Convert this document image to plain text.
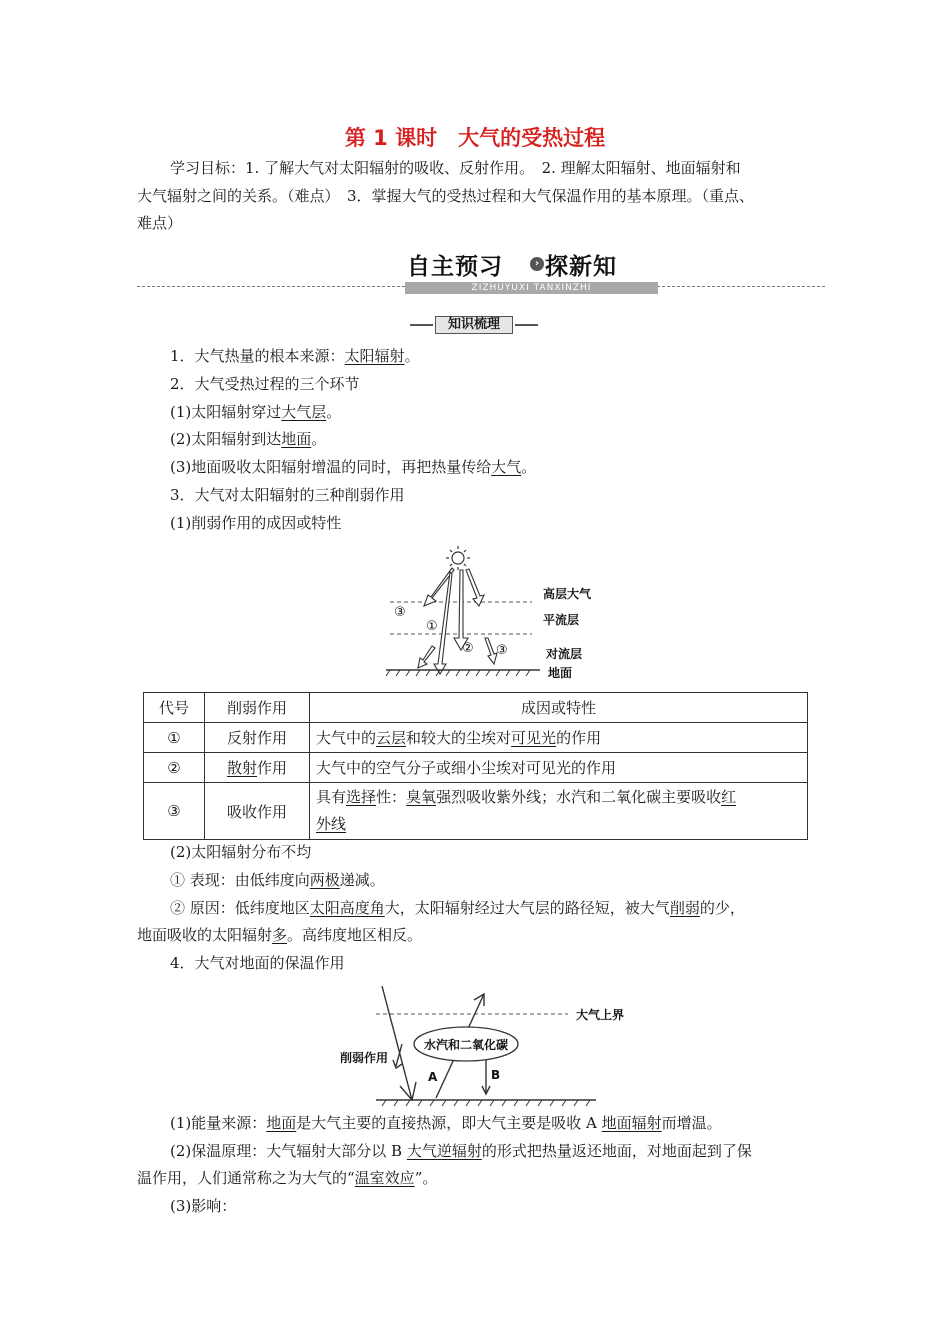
第 1 课时　大气的受热过程
学习目标：1. 了解大气对太阳辐射的吸收、反射作用。　2. 理解太阳辐射、地面辐射和
大气辐射之间的关系。（难点）　3．掌握大气的受热过程和大气保温作用的基本原理。（重点、
难点）
自主预习	› 探新知
ZIZHUYUXI TANXINZHI
知识梳理
1．大气热量的根本来源：太阳辐射。
2．大气受热过程的三个环节
(1)太阳辐射穿过大气层。
(2)太阳辐射到达地面。
(3)地面吸收太阳辐射增温的同时，再把热量传给大气。
3．大气对太阳辐射的三种削弱作用
(1)削弱作用的成因或特性
③
①
② ③
高层大气
平流层
对流层
地面
代号	削弱作用	成因或特性
①	反射作用	大气中的云层和较大的尘埃对可见光的作用
②	散射作用	大气中的空气分子或细小尘埃对可见光的作用
③	吸收作用	具有选择性：臭氧强烈吸收紫外线；水汽和二氧化碳主要吸收红
外线
(2)太阳辐射分布不均
① 表现：由低纬度向两极递减。
② 原因：低纬度地区太阳高度角大，太阳辐射经过大气层的路径短，被大气削弱的少，
地面吸收的太阳辐射多。高纬度地区相反。
4．大气对地面的保温作用
大气上界
削弱作用
水汽和二氧化碳
A	B
(1)能量来源：地面是大气主要的直接热源，即大气主要是吸收 A 地面辐射而增温。
(2)保温原理：大气辐射大部分以 B 大气逆辐射的形式把热量返还地面，对地面起到了保
温作用，人们通常称之为大气的“温室效应”。
(3)影响：
